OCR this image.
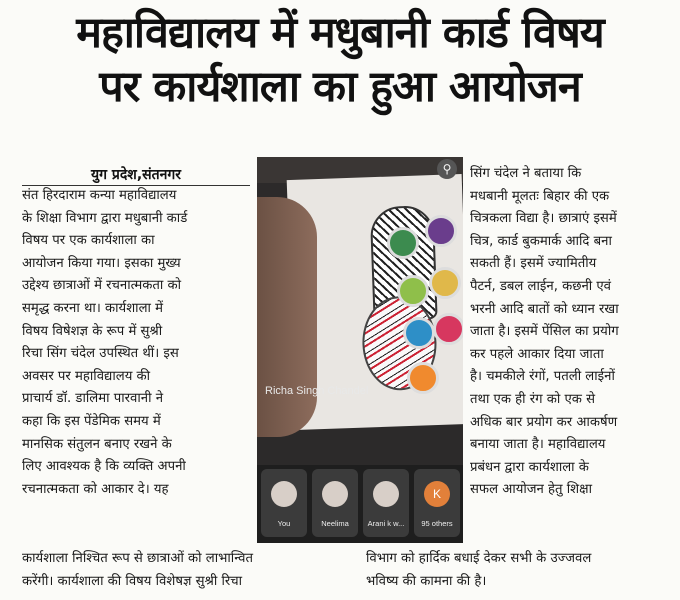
महाविद्यालय में मधुबानी कार्ड विषय
पर कार्यशाला का हुआ आयोजन
युग प्रदेश,संतनगर
संत हिरदाराम कन्या महाविद्यालय
के शिक्षा विभाग द्वारा मधुबानी कार्ड
विषय पर एक कार्यशाला का
आयोजन किया गया। इसका मुख्य
उद्देश्य छात्राओं में रचनात्मकता को
समृद्ध करना था। कार्यशाला में
विषय विषेशज्ञ के रूप में सुश्री
रिचा सिंग चंदेल उपस्थित थीं। इस
अवसर पर महाविद्यालय की
प्राचार्य डॉ. डालिमा पारवानी ने
कहा कि इस पेंडेमिक समय में
मानसिक संतुलन बनाए रखने के
लिए आवश्यक है कि व्यक्ति अपनी
रचनात्मकता को आकार दे। यह
सिंग चंदेल ने बताया कि
मधबानी मूलतः बिहार की एक
चित्रकला विद्या है। छात्राएं इसमें
चित्र, कार्ड बुकमार्क आदि बना
सकती हैं। इसमें ज्यामितीय
पैटर्न, डबल लाईन, कछनी एवं
भरनी आदि बातों को ध्यान रखा
जाता है। इसमें पेंसिल का प्रयोग
कर पहले आकार दिया जाता
है। चमकीले रंगों, पतली लाईनों
तथा एक ही रंग को एक से
अधिक बार प्रयोग कर आकर्षण
बनाया जाता है। महाविद्यालय
प्रबंधन द्वारा कार्यशाला के
सफल आयोजन हेतु शिक्षा
कार्यशाला निश्चित रूप से छात्राओं को लाभान्वित
करेंगी। कार्यशाला की विषय विशेषज्ञ सुश्री रिचा
विभाग को हार्दिक बधाई देकर सभी के उज्जवल
भविष्य की कामना की है।
⚲
Richa Singh Chandel
You	Neelima	Arani k w...
K
95 others
